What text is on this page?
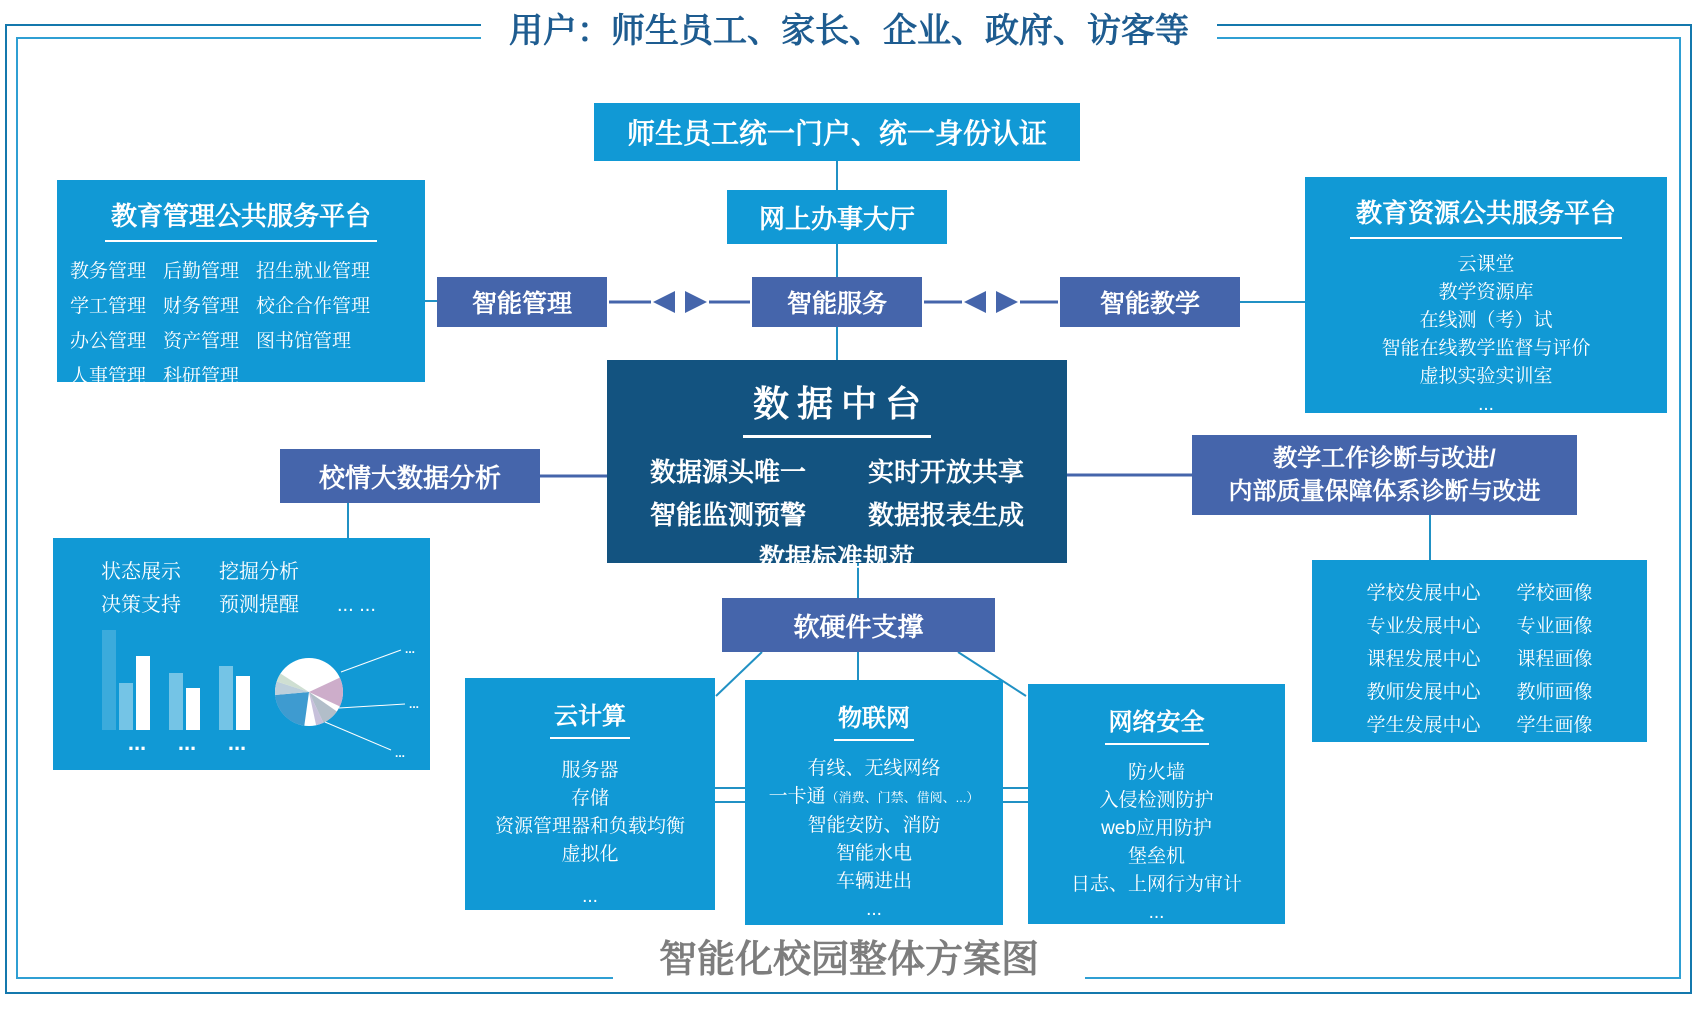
用户：师生员工、家长、企业、政府、访客等
智能化校园整体方案图
师生员工统一门户、统一身份认证
网上办事大厅
智能管理	智能服务	智能教学
教育管理公共服务平台
教务管理 后勤管理 招生就业管理
学工管理 财务管理 校企合作管理
办公管理 资产管理 图书馆管理
人事管理 科研管理
教育资源公共服务平台
云课堂
教学资源库
在线测（考）试
智能在线教学监督与评价
虚拟实验实训室
...
数据中台
数据源头唯一 实时开放共享
智能监测预警 数据报表生成
数据标准规范
校情大数据分析
状态展示 挖掘分析
决策支持 预测提醒 ... ...
... ... ...
...
...
...
教学工作诊断与改进/
内部质量保障体系诊断与改进
学校发展中心 学校画像
专业发展中心 专业画像
课程发展中心 课程画像
教师发展中心 教师画像
学生发展中心 学生画像
...
软硬件支撑
云计算
服务器
存储
资源管理器和负载均衡
虚拟化
...
物联网
有线、无线网络
一卡通（消费、门禁、借阅、...）
智能安防、消防
智能水电
车辆进出
...
网络安全
防火墙
入侵检测防护
web应用防护
堡垒机
日志、上网行为审计
...
